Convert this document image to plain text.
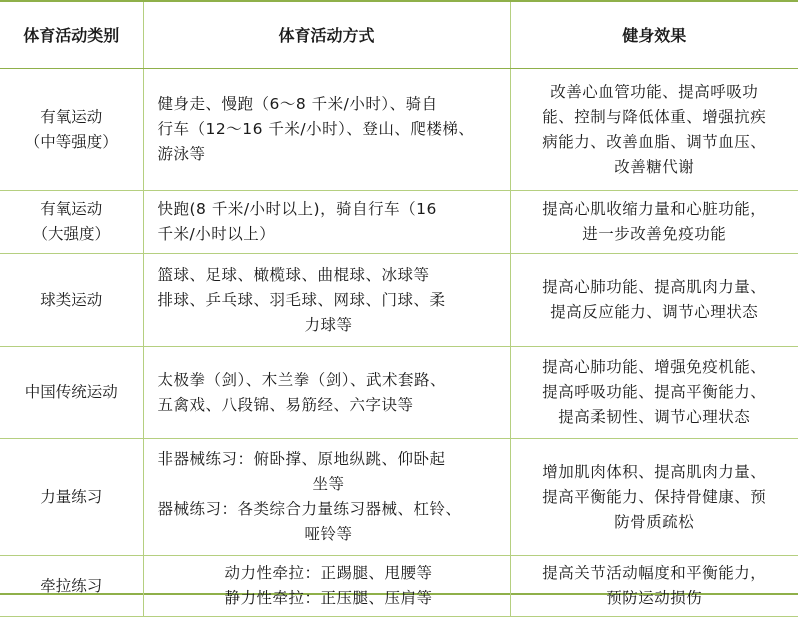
体育活动类别	体育活动方式	健身效果

有氧运动
（中等强度）	健身走、慢跑（6～8 千米/小时）、骑自
行车（12～16 千米/小时）、登山、爬楼梯、
游泳等	改善心血管功能、提高呼吸功
能、控制与降低体重、增强抗疾
病能力、改善血脂、调节血压、
改善糖代谢

有氧运动
（大强度）	快跑(8 千米/小时以上)，骑自行车（16
千米/小时以上）	提高心肌收缩力量和心脏功能，
进一步改善免疫功能

球类运动	篮球、足球、橄榄球、曲棍球、冰球等
排球、乒乓球、羽毛球、网球、门球、柔
力球等	提高心肺功能、提高肌肉力量、
提高反应能力、调节心理状态

中国传统运动	太极拳（剑）、木兰拳（剑）、武术套路、
五禽戏、八段锦、易筋经、六字诀等	提高心肺功能、增强免疫机能、
提高呼吸功能、提高平衡能力、
提高柔韧性、调节心理状态

力量练习	非器械练习：俯卧撑、原地纵跳、仰卧起
坐等
器械练习：各类综合力量练习器械、杠铃、
哑铃等	增加肌肉体积、提高肌肉力量、
提高平衡能力、保持骨健康、预
防骨质疏松

牵拉练习	动力性牵拉：正踢腿、甩腰等
静力性牵拉：正压腿、压肩等	提高关节活动幅度和平衡能力，
预防运动损伤
